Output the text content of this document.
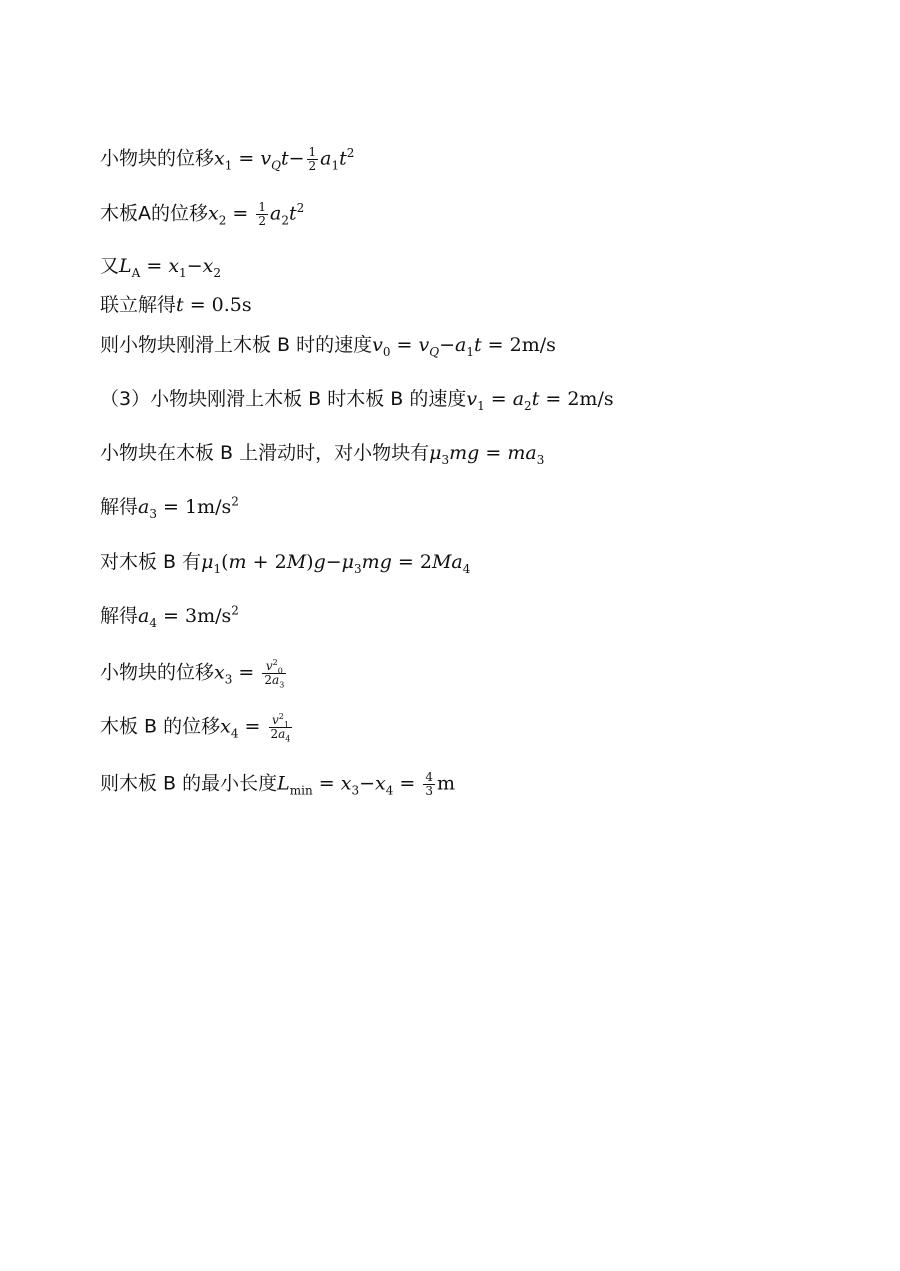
小物块的位移$x_1 = v_Qt- \frac{1}{2} a_1t^2$
木板A的位移$x_2 = \frac{1}{2} a_2t^2$
又$L_A = x_1-x_2$
联立解得t = 0.5s
则小物块刚滑上木板 B 时的速度$v_0 = v_Q-a_1t = 2m/s$
（3）小物块刚滑上木板 B 时木板 B 的速度$v_1 = a_2t = 2m/s$
小物块在木板 B 上滑动时，对小物块有$\mu_3mg = ma_3$
解得$a_3 = 1m/s^2$
对木板 B 有$\mu_1(m + 2M)g-\mu_3mg = 2Ma_4$
解得$a_4 = 3m/s^2$
小物块的位移$x_3 = \frac{v^2_0}{2a_3}$
木板 B 的位移$x_4 = \frac{v^2_1}{2a_4}$
则木板 B 的最小长度$L_{min} = x_3-x_4 = \frac{4}{3}$ m
